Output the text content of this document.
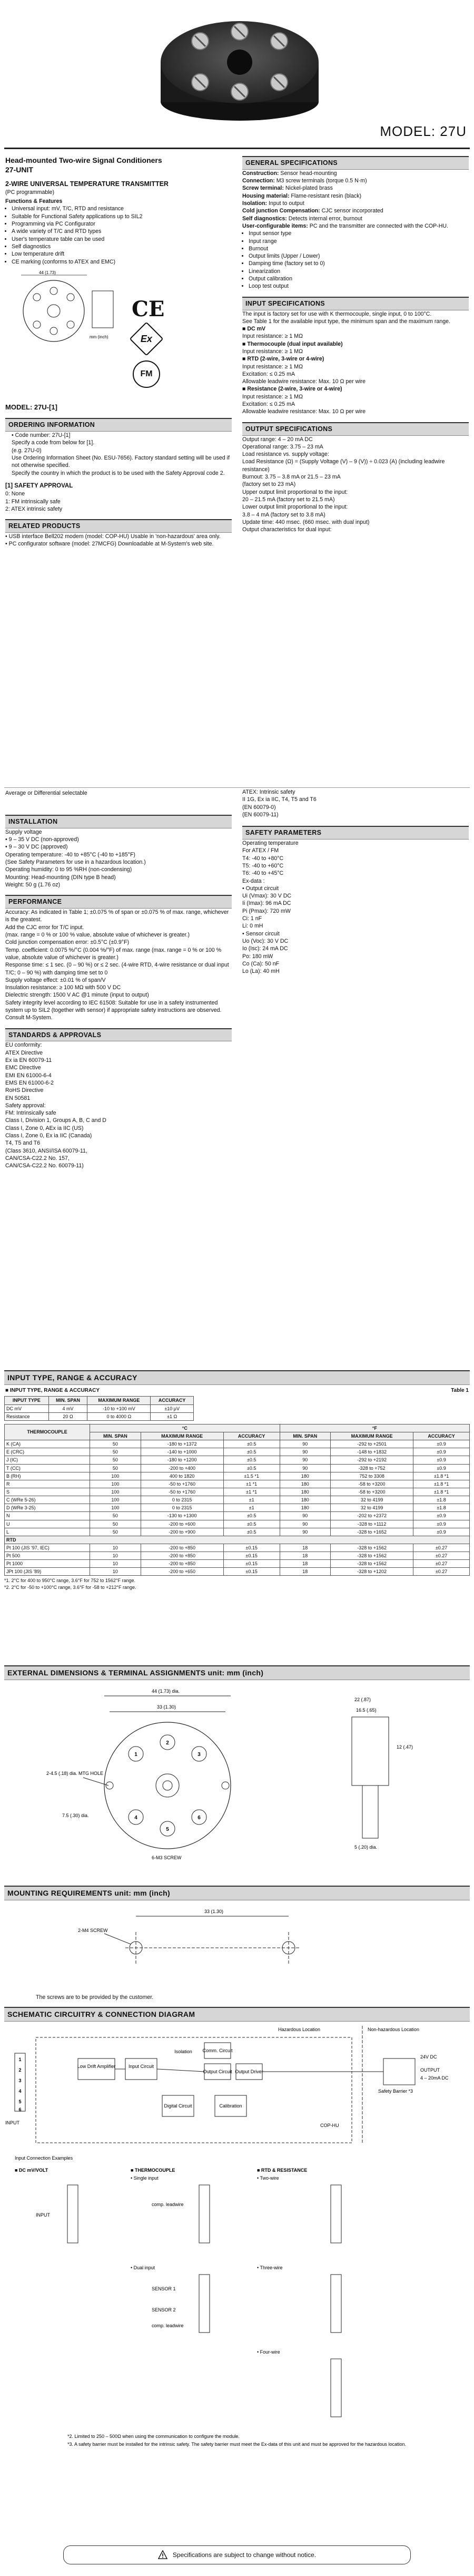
MODEL: 27U
Head-mounted Two-wire Signal Conditioners
27-UNIT
2-WIRE UNIVERSAL TEMPERATURE TRANSMITTER
(PC programmable)
Functions & Features
• Universal input: mV, T/C, RTD and resistance
• Suitable for Functional Safety applications up to SIL2
• Programming via PC Configurator
• A wide variety of T/C and RTD types
• User's temperature table can be used
• Self diagnostics
• Low temperature drift
• CE marking (conforms to ATEX and EMC)
44 (1.73)
mm (inch)
CE
Ex
FM
MODEL: 27U-[1]
ORDERING INFORMATION
• Code number: 27U-[1]
Specify a code from below for [1].
(e.g. 27U-0)
Use Ordering Information Sheet (No. ESU-7656). Factory standard setting will be used if not otherwise specified.
Specify the country in which the product is to be used with the Safety Approval code 2.
[1] SAFETY APPROVAL
0: None
1: FM intrinsically safe
2: ATEX intrinsic safety
RELATED PRODUCTS
• USB interface Bell202 modem (model: COP-HU) Usable in 'non-hazardous' area only.
• PC configurator software (model: 27MCFG) Downloadable at M-System's web site.
GENERAL SPECIFICATIONS
Construction: Sensor head-mounting
Connection: M3 screw terminals (torque 0.5 N·m)
Screw terminal: Nickel-plated brass
Housing material: Flame-resistant resin (black)
Isolation: Input to output
Cold junction Compensation: CJC sensor incorporated
Self diagnostics: Detects internal error, burnout
User-configurable items: PC and the transmitter are connected with the COP-HU.
• Input sensor type
• Input range
• Burnout
• Output limits (Upper / Lower)
• Damping time (factory set to 0)
• Linearization
• Output calibration
• Loop test output
INPUT SPECIFICATIONS
The input is factory set for use with K thermocouple, single input, 0 to 100°C.
See Table 1 for the available input type, the minimum span and the maximum range.
■ DC mV
Input resistance: ≥ 1 MΩ
■ Thermocouple (dual input available)
Input resistance: ≥ 1 MΩ
■ RTD (2-wire, 3-wire or 4-wire)
Input resistance: ≥ 1 MΩ
Excitation: ≤ 0.25 mA
Allowable leadwire resistance: Max. 10 Ω per wire
■ Resistance (2-wire, 3-wire or 4-wire)
Input resistance: ≥ 1 MΩ
Excitation: ≤ 0.25 mA
Allowable leadwire resistance: Max. 10 Ω per wire
OUTPUT SPECIFICATIONS
Output range: 4 – 20 mA DC
Operational range: 3.75 – 23 mA
Load resistance vs. supply voltage:
Load Resistance (Ω) = (Supply Voltage (V) – 9 (V)) ÷ 0.023 (A) (including leadwire resistance)
Burnout: 3.75 – 3.8 mA or 21.5 – 23 mA
(factory set to 23 mA)
Upper output limit proportional to the input:
20 – 21.5 mA (factory set to 21.5 mA)
Lower output limit proportional to the input:
3.8 – 4 mA (factory set to 3.8 mA)
Update time: 440 msec. (660 msec. with dual input)
Output characteristics for dual input:
Average or Differential selectable
INSTALLATION
Supply voltage
• 9 – 35 V DC (non-approved)
• 9 – 30 V DC (approved)
Operating temperature: -40 to +85°C (-40 to +185°F)
(See Safety Parameters for use in a hazardous location.)
Operating humidity: 0 to 95 %RH (non-condensing)
Mounting: Head-mounting (DIN type B head)
Weight: 50 g (1.76 oz)
PERFORMANCE
Accuracy: As indicated in Table 1; ±0.075 % of span or ±0.075 % of max. range, whichever is the greatest.
Add the CJC error for T/C input.
(max. range = 0 % or 100 % value, absolute value of whichever is greater.)
Cold junction compensation error: ±0.5°C (±0.9°F)
Temp. coefficient: 0.0075 %/°C (0.004 %/°F) of max. range (max. range = 0 % or 100 % value, absolute value of whichever is greater.)
Response time: ≤ 1 sec. (0 – 90 %) or ≤ 2 sec. (4-wire RTD, 4-wire resistance or dual input T/C; 0 – 90 %) with damping time set to 0
Supply voltage effect: ±0.01 % of span/V
Insulation resistance: ≥ 100 MΩ with 500 V DC
Dielectric strength: 1500 V AC @1 minute (input to output)
Safety integrity level according to IEC 61508: Suitable for use in a safety instrumented system up to SIL2 (together with sensor) if appropriate safety instructions are observed. Consult M-System.
STANDARDS & APPROVALS
EU conformity:
ATEX Directive
Ex ia EN 60079-11
EMC Directive
EMI EN 61000-6-4
EMS EN 61000-6-2
RoHS Directive
EN 50581
Safety approval:
FM: Intrinsically safe
Class I, Division 1, Groups A, B, C and D
Class I, Zone 0, AEx ia IIC (US)
Class I, Zone 0, Ex ia IIC (Canada)
T4, T5 and T6
(Class 3610, ANSI/ISA 60079-11,
CAN/CSA-C22.2 No. 157,
CAN/CSA-C22.2 No. 60079-11)
ATEX: Intrinsic safety
II 1G, Ex ia IIC, T4, T5 and T6
(EN 60079-0)
(EN 60079-11)
SAFETY PARAMETERS
Operating temperature
For ATEX / FM
T4: -40 to +80°C
T5: -40 to +60°C
T6: -40 to +45°C
Ex-data :
• Output circuit
Ui (Vmax): 30 V DC
Ii (Imax): 96 mA DC
Pi (Pmax): 720 mW
Ci: 1 nF
Li: 0 mH
• Sensor circuit
Uo (Voc): 30 V DC
Io (Isc): 24 mA DC
Po: 180 mW
Co (Ca): 50 nF
Lo (La): 40 mH
INPUT TYPE, RANGE & ACCURACY
■ INPUT TYPE, RANGE & ACCURACY	Table 1
INPUT TYPE	MIN. SPAN	MAXIMUM RANGE	ACCURACY
DC mV	4 mV	-10 to +100 mV	±10 μV
Resistance	20 Ω	0 to 4000 Ω	±1 Ω
THERMOCOUPLE	°C			°F		
	MIN. SPAN	MAXIMUM RANGE	ACCURACY	MIN. SPAN	MAXIMUM RANGE	ACCURACY
K (CA)	50	-180 to +1372	±0.5	90	-292 to +2501	±0.9
E (CRC)	50	-140 to +1000	±0.5	90	-148 to +1832	±0.9
J (IC)	50	-180 to +1200	±0.5	90	-292 to +2192	±0.9
T (CC)	50	-200 to +400	±0.5	90	-328 to +752	±0.9
B (RH)	100	400 to 1820	±1.5 *1	180	752 to 3308	±1.8 *1
R	100	-50 to +1760	±1 *1	180	-58 to +3200	±1.8 *1
S	100	-50 to +1760	±1 *1	180	-58 to +3200	±1.8 *1
C (WRe 5-26)	100	0 to 2315	±1	180	32 to 4199	±1.8
D (WRe 3-25)	100	0 to 2315	±1	180	32 to 4199	±1.8
N	50	-130 to +1300	±0.5	90	-202 to +2372	±0.9
U	50	-200 to +600	±0.5	90	-328 to +1112	±0.9
L	50	-200 to +900	±0.5	90	-328 to +1652	±0.9
RTD						
Pt 100 (JIS '97, IEC)	10	-200 to +850	±0.15	18	-328 to +1562	±0.27
Pt 500	10	-200 to +850	±0.15	18	-328 to +1562	±0.27
Pt 1000	10	-200 to +850	±0.15	18	-328 to +1562	±0.27
JPt 100 (JIS '89)	10	-200 to +650	±0.15	18	-328 to +1202	±0.27
*1. 2°C for 400 to 950°C range, 3.6°F for 752 to 1562°F range.
*2. 2°C for -50 to +100°C range, 3.6°F for -58 to +212°F range.
EXTERNAL DIMENSIONS & TERMINAL ASSIGNMENTS unit: mm (inch)
1
2
3
4
5
6
44 (1.73) dia.
33 (1.30)
2-4.5 (.18) dia. MTG HOLE
7.5 (.30) dia.
6-M3 SCREW
22 (.87)
16.5 (.65)
12 (.47)
5 (.20) dia.
MOUNTING REQUIREMENTS unit: mm (inch)
33 (1.30)
2-M4 SCREW
The screws are to be provided by the customer.
SCHEMATIC CIRCUITRY & CONNECTION DIAGRAM
Hazardous Location	Non-hazardous Location
Low Drift Amplifier	Input Circuit
Isolation Comm. Circuit
Output Circuit Output Driver
Digital Circuit	Calibration
1
2
3
4
5
6
INPUT
24V DC
OUTPUT
4 – 20mA DC
Safety Barrier *3
COP-HU
Input Connection Examples
■ DC mV/VOLT	■ THERMOCOUPLE	■ RTD & RESISTANCE
• Single input	• Two-wire
INPUT
comp. leadwire
• Dual input
SENSOR 1
SENSOR 2
comp. leadwire
• Three-wire
• Four-wire
*2. Limited to 250 – 500Ω when using the communication to configure the module.
*3. A safety barrier must be installed for the intrinsic safety. The safety barrier must meet the Ex-data of this unit and must be approved for the hazardous location.
Specifications are subject to change without notice.
